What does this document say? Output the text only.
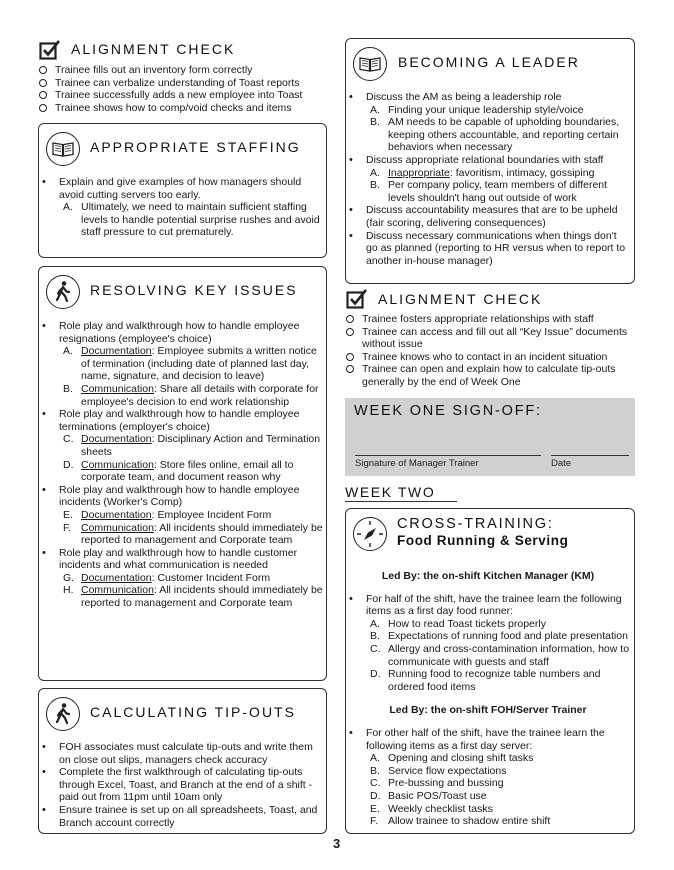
ALIGNMENT CHECK
Trainee fills out an inventory form correctly
Trainee can verbalize understanding of Toast reports
Trainee successfully adds a new employee into Toast
Trainee shows how to comp/void checks and items
APPROPRIATE STAFFING

• Explain and give examples of how managers should avoid cutting servers too early.

A. Ultimately, we need to maintain sufficient staffing levels to handle potential surprise rushes and avoid staff pressure to cut prematurely.

RESOLVING KEY ISSUES

• Role play and walkthrough how to handle employee resignations (employee's choice)

A. Documentation: Employee submits a written notice of termination (including date of planned last day, name, signature, and decision to leave)

B. Communication: Share all details with corporate for employee's decision to end work relationship

• Role play and walkthrough how to handle employee terminations (employer's choice)

C. Documentation: Disciplinary Action and Termination sheets

D. Communication: Store files online, email all to corporate team, and document reason why

• Role play and walkthrough how to handle employee incidents (Worker's Comp)

E. Documentation: Employee Incident Form

F. Communication: All incidents should immediately be reported to management and Corporate team

• Role play and walkthrough how to handle customer incidents and what communication is needed

G. Documentation: Customer Incident Form

H. Communication: All incidents should immediately be reported to management and Corporate team

CALCULATING TIP-OUTS

• FOH associates must calculate tip-outs and write them on close out slips, managers check accuracy

• Complete the first walkthrough of calculating tip-outs through Excel, Toast, and Branch at the end of a shift - paid out from 11pm until 10am only

• Ensure trainee is set up on all spreadsheets, Toast, and Branch account correctly

BECOMING A LEADER

• Discuss the AM as being a leadership role

A. Finding your unique leadership style/voice

B. AM needs to be capable of upholding boundaries, keeping others accountable, and reporting certain behaviors when necessary

• Discuss appropriate relational boundaries with staff

A. Inappropriate: favoritism, intimacy, gossiping

B. Per company policy, team members of different levels shouldn't hang out outside of work

• Discuss accountability measures that are to be upheld (fair scoring, delivering consequences)

• Discuss necessary communications when things don't go as planned (reporting to HR versus when to report to another in-house manager)

ALIGNMENT CHECK
Trainee fosters appropriate relationships with staff
Trainee can access and fill out all “Key Issue” documents without issue
Trainee knows who to contact in an incident situation
Trainee can open and explain how to calculate tip-outs generally by the end of Week One
WEEK ONE SIGN-OFF:
Signature of Manager Trainer	Date
WEEK TWO
CROSS-TRAINING:
Food Running & Serving

Led By: the on-shift Kitchen Manager (KM)

• For half of the shift, have the trainee learn the following items as a first day food runner:

A. How to read Toast tickets properly

B. Expectations of running food and plate presentation

C. Allergy and cross-contamination information, how to communicate with guests and staff

D. Running food to recognize table numbers and ordered food items

Led By: the on-shift FOH/Server Trainer

• For other half of the shift, have the trainee learn the following items as a first day server:

A. Opening and closing shift tasks

B. Service flow expectations

C. Pre-bussing and bussing

D. Basic POS/Toast use

E. Weekly checklist tasks

F. Allow trainee to shadow entire shift

3
